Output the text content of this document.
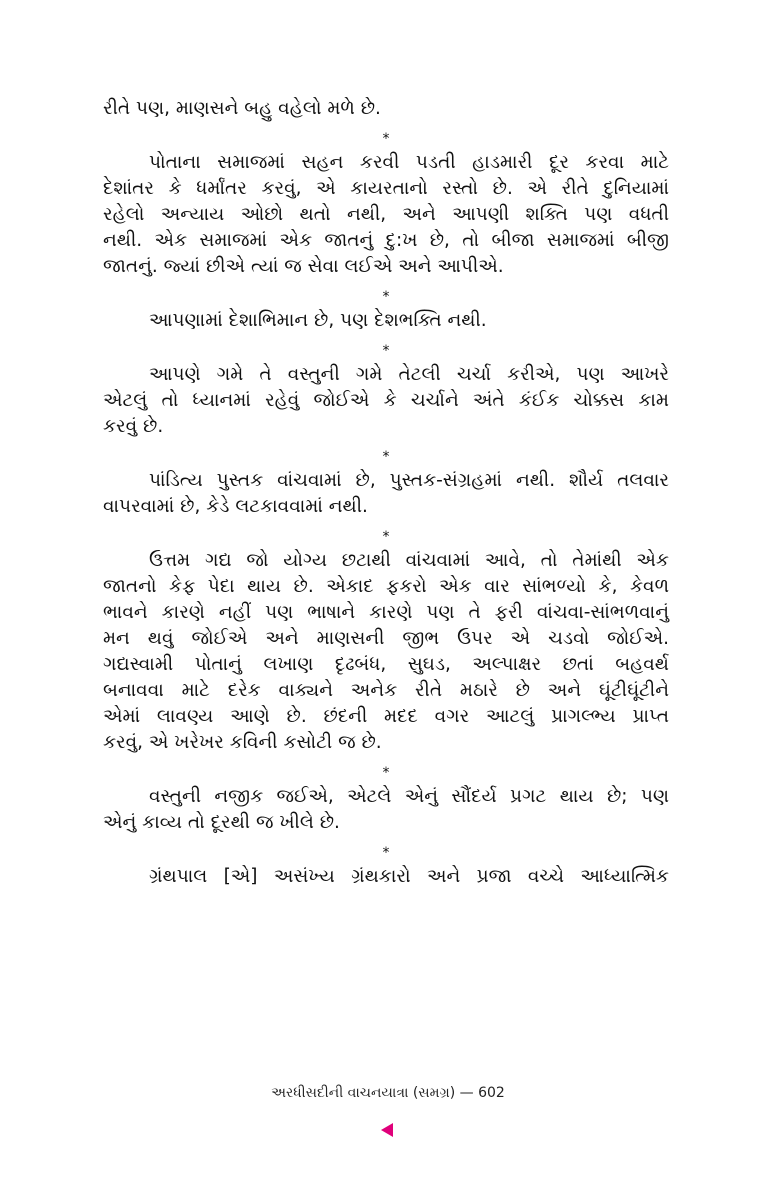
રીતે પણ, માણસને બહુ વહેલો મળે છે.
*
પોતાના સમાજમાં સહન કરવી પડતી હાડમારી દૂર કરવા માટે
દેશાંતર કે ધર્માંતર કરવું, એ કાયરતાનો રસ્તો છે. એ રીતે દુનિયામાં
રહેલો અન્યાય ઓછો થતો નથી, અને આપણી શક્તિ પણ વધતી
નથી. એક સમાજમાં એક જાતનું દુ:ખ છે, તો બીજા સમાજમાં બીજી
જાતનું. જ્યાં છીએ ત્યાં જ સેવા લઈએ અને આપીએ.
*
આપણામાં દેશાભિમાન છે, પણ દેશભક્તિ નથી.
*
આપણે ગમે તે વસ્તુની ગમે તેટલી ચર્ચા કરીએ, પણ આખરે
એટલું તો ધ્યાનમાં રહેવું જોઈએ કે ચર્ચાને અંતે કંઈક ચોક્કસ કામ
કરવું છે.
*
પાંડિત્ય પુસ્તક વાંચવામાં છે, પુસ્તક-સંગ્રહમાં નથી. શૌર્ય તલવાર
વાપરવામાં છે, કેડે લટકાવવામાં નથી.
*
ઉત્તમ ગદ્ય જો યોગ્ય છટાથી વાંચવામાં આવે, તો તેમાંથી એક
જાતનો કેફ પેદા થાય છે. એકાદ ફકરો એક વાર સાંભળ્યો કે, કેવળ
ભાવને કારણે નહીં પણ ભાષાને કારણે પણ તે ફરી વાંચવા-સાંભળવાનું
મન થવું જોઈએ અને માણસની જીભ ઉપર એ ચડવો જોઈએ.
ગદ્યસ્વામી પોતાનું લખાણ દૃઢબંધ, સુઘડ, અલ્પાક્ષર છતાં બહવર્થ
બનાવવા માટે દરેક વાક્યને અનેક રીતે મઠારે છે અને ઘૂંટીઘૂંટીને
એમાં લાવણ્ય આણે છે. છંદની મદદ વગર આટલું પ્રાગલ્ભ્ય પ્રાપ્ત
કરવું, એ ખરેખર કવિની કસોટી જ છે.
*
વસ્તુની નજીક જઈએ, એટલે એનું સૌંદર્ય પ્રગટ થાય છે; પણ
એનું કાવ્ય તો દૂરથી જ ખીલે છે.
*
ગ્રંથપાલ [એ] અસંખ્ય ગ્રંથકારો અને પ્રજા વચ્ચે આધ્યાત્મિક
અરધીસદીની વાચનયાત્રા (સમગ્ર) — 602
